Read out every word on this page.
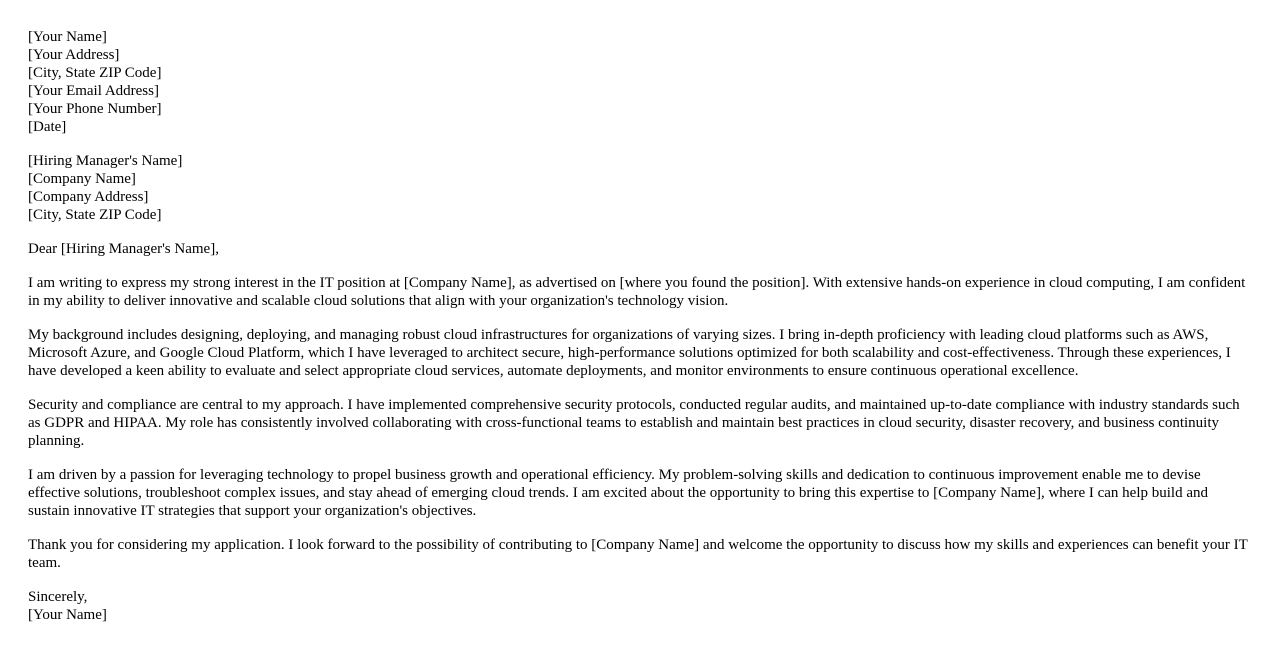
[Your Name]
[Your Address]
[City, State ZIP Code]
[Your Email Address]
[Your Phone Number]
[Date]
[Hiring Manager's Name]
[Company Name]
[Company Address]
[City, State ZIP Code]

Dear [Hiring Manager's Name],

I am writing to express my strong interest in the IT position at [Company Name], as advertised on [where you found the position]. With extensive hands-on experience in cloud computing, I am confident in my ability to deliver innovative and scalable cloud solutions that align with your organization's technology vision.

My background includes designing, deploying, and managing robust cloud infrastructures for organizations of varying sizes. I bring in-depth proficiency with leading cloud platforms such as AWS, Microsoft Azure, and Google Cloud Platform, which I have leveraged to architect secure, high-performance solutions optimized for both scalability and cost-effectiveness. Through these experiences, I have developed a keen ability to evaluate and select appropriate cloud services, automate deployments, and monitor environments to ensure continuous operational excellence.

Security and compliance are central to my approach. I have implemented comprehensive security protocols, conducted regular audits, and maintained up-to-date compliance with industry standards such as GDPR and HIPAA. My role has consistently involved collaborating with cross-functional teams to establish and maintain best practices in cloud security, disaster recovery, and business continuity planning.

I am driven by a passion for leveraging technology to propel business growth and operational efficiency. My problem-solving skills and dedication to continuous improvement enable me to devise effective solutions, troubleshoot complex issues, and stay ahead of emerging cloud trends. I am excited about the opportunity to bring this expertise to [Company Name], where I can help build and sustain innovative IT strategies that support your organization's objectives.

Thank you for considering my application. I look forward to the possibility of contributing to [Company Name] and welcome the opportunity to discuss how my skills and experiences can benefit your IT team.

Sincerely,
[Your Name]
